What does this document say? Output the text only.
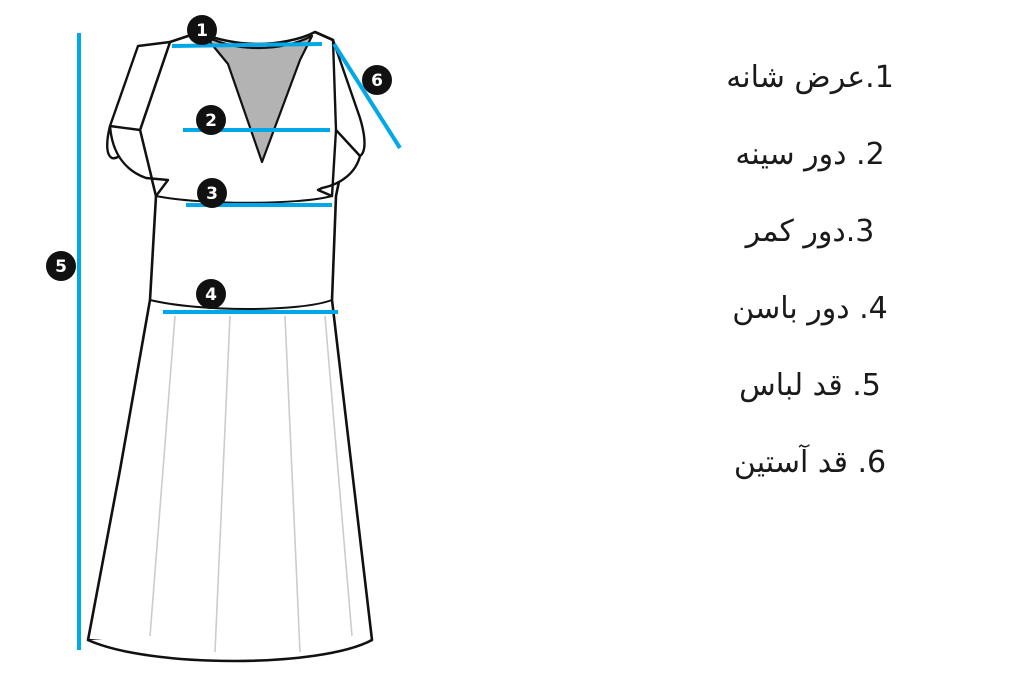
1
2
3
4
5
6	1.عرض شانه
2. دور سینه
3.دور کمر
4. دور باسن
5. قد لباس
6. قد آستین
